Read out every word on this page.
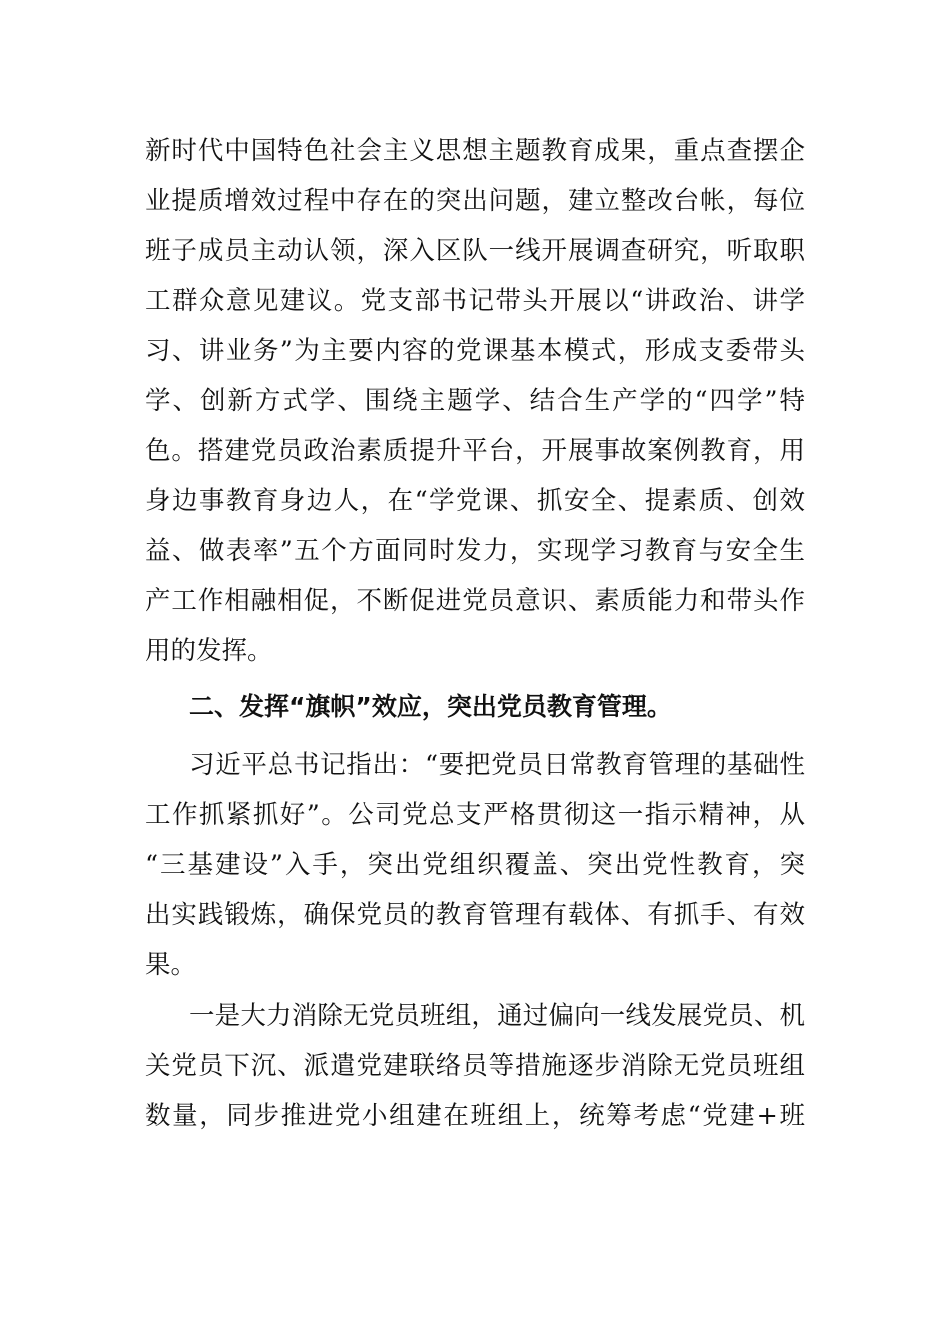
新时代中国特色社会主义思想主题教育成果，重点查摆企
业提质增效过程中存在的突出问题，建立整改台帐，每位
班子成员主动认领，深入区队一线开展调查研究，听取职
工群众意见建议。党支部书记带头开展以“讲政治、讲学
习、讲业务”为主要内容的党课基本模式，形成支委带头
学、创新方式学、围绕主题学、结合生产学的“四学”特
色。搭建党员政治素质提升平台，开展事故案例教育，用
身边事教育身边人，在“学党课、抓安全、提素质、创效
益、做表率”五个方面同时发力，实现学习教育与安全生
产工作相融相促，不断促进党员意识、素质能力和带头作
用的发挥。
二、发挥“旗帜”效应，突出党员教育管理。
习近平总书记指出：“要把党员日常教育管理的基础性
工作抓紧抓好”。公司党总支严格贯彻这一指示精神，从
“三基建设”入手，突出党组织覆盖、突出党性教育，突
出实践锻炼，确保党员的教育管理有载体、有抓手、有效
果。
一是大力消除无党员班组，通过偏向一线发展党员、机
关党员下沉、派遣党建联络员等措施逐步消除无党员班组
数量，同步推进党小组建在班组上，统筹考虑“党建+班
